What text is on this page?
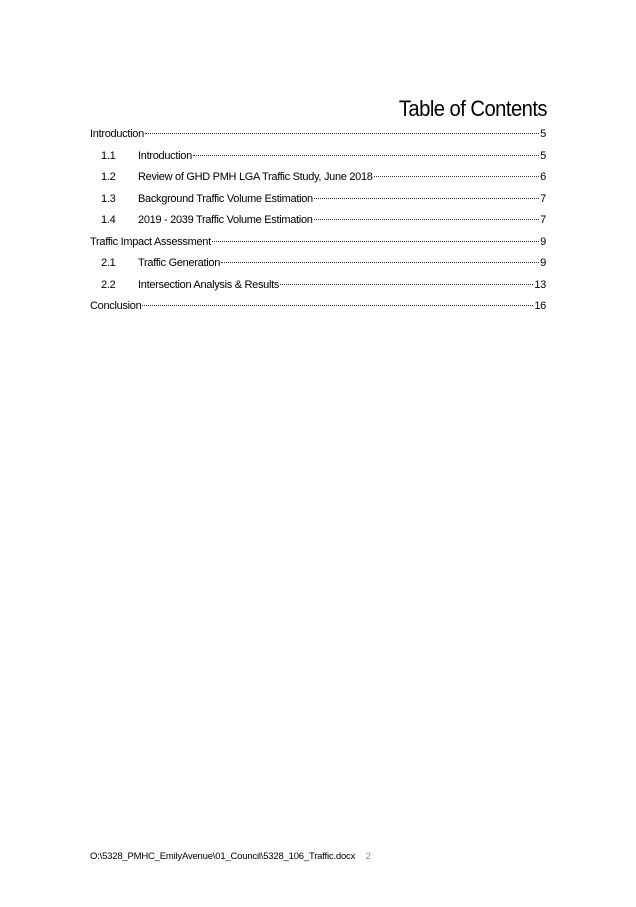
Table of Contents
Introduction	5
1.1	Introduction	5
1.2	Review of GHD PMH LGA Traffic Study, June 2018	6
1.3	Background Traffic Volume Estimation	7
1.4	2019 - 2039 Traffic Volume Estimation	7
Traffic Impact Assessment	9
2.1	Traffic Generation	9
2.2	Intersection Analysis & Results	13
Conclusion	16
O:\5328_PMHC_EmilyAvenue\01_Council\5328_106_Traffic.docx 2
